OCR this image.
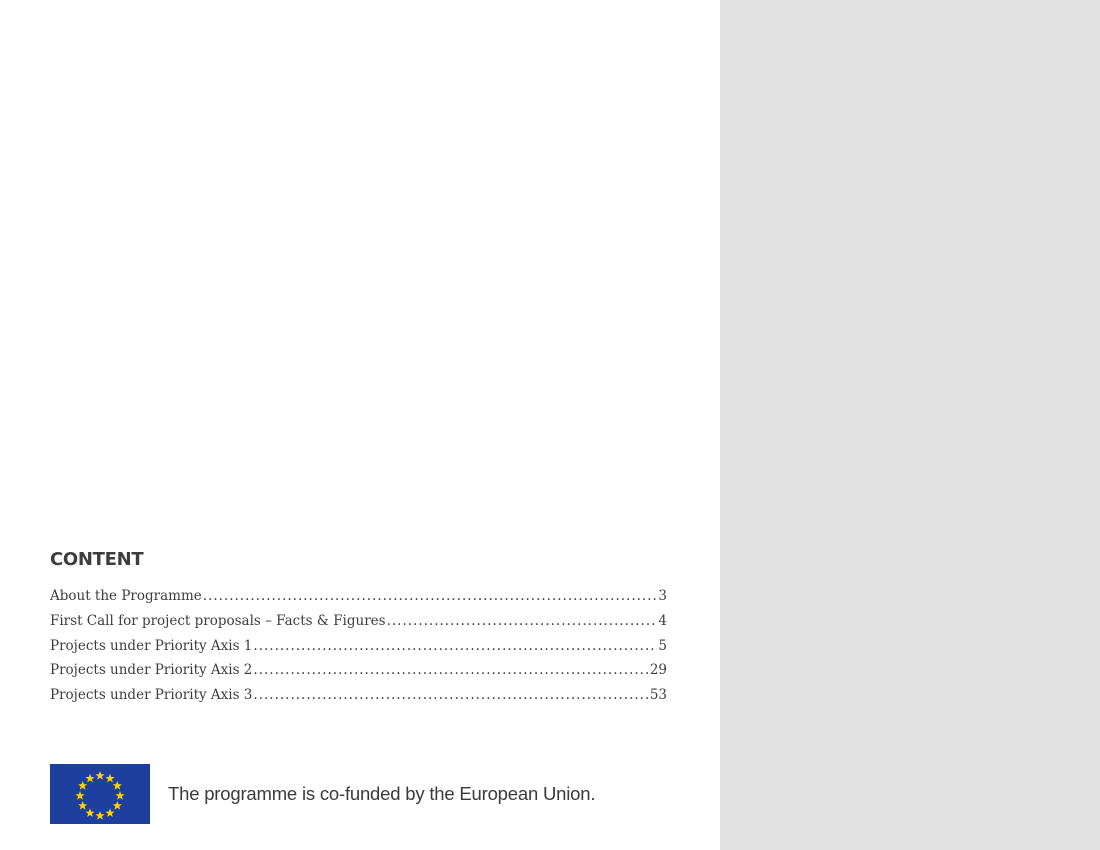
CONTENT
About the Programme .....	3
First Call for project proposals – Facts & Figures .....	4
Projects under Priority Axis 1 .....	5
Projects under Priority Axis 2 .....	29
Projects under Priority Axis 3 .....	53
The programme is co-funded by the European Union.
